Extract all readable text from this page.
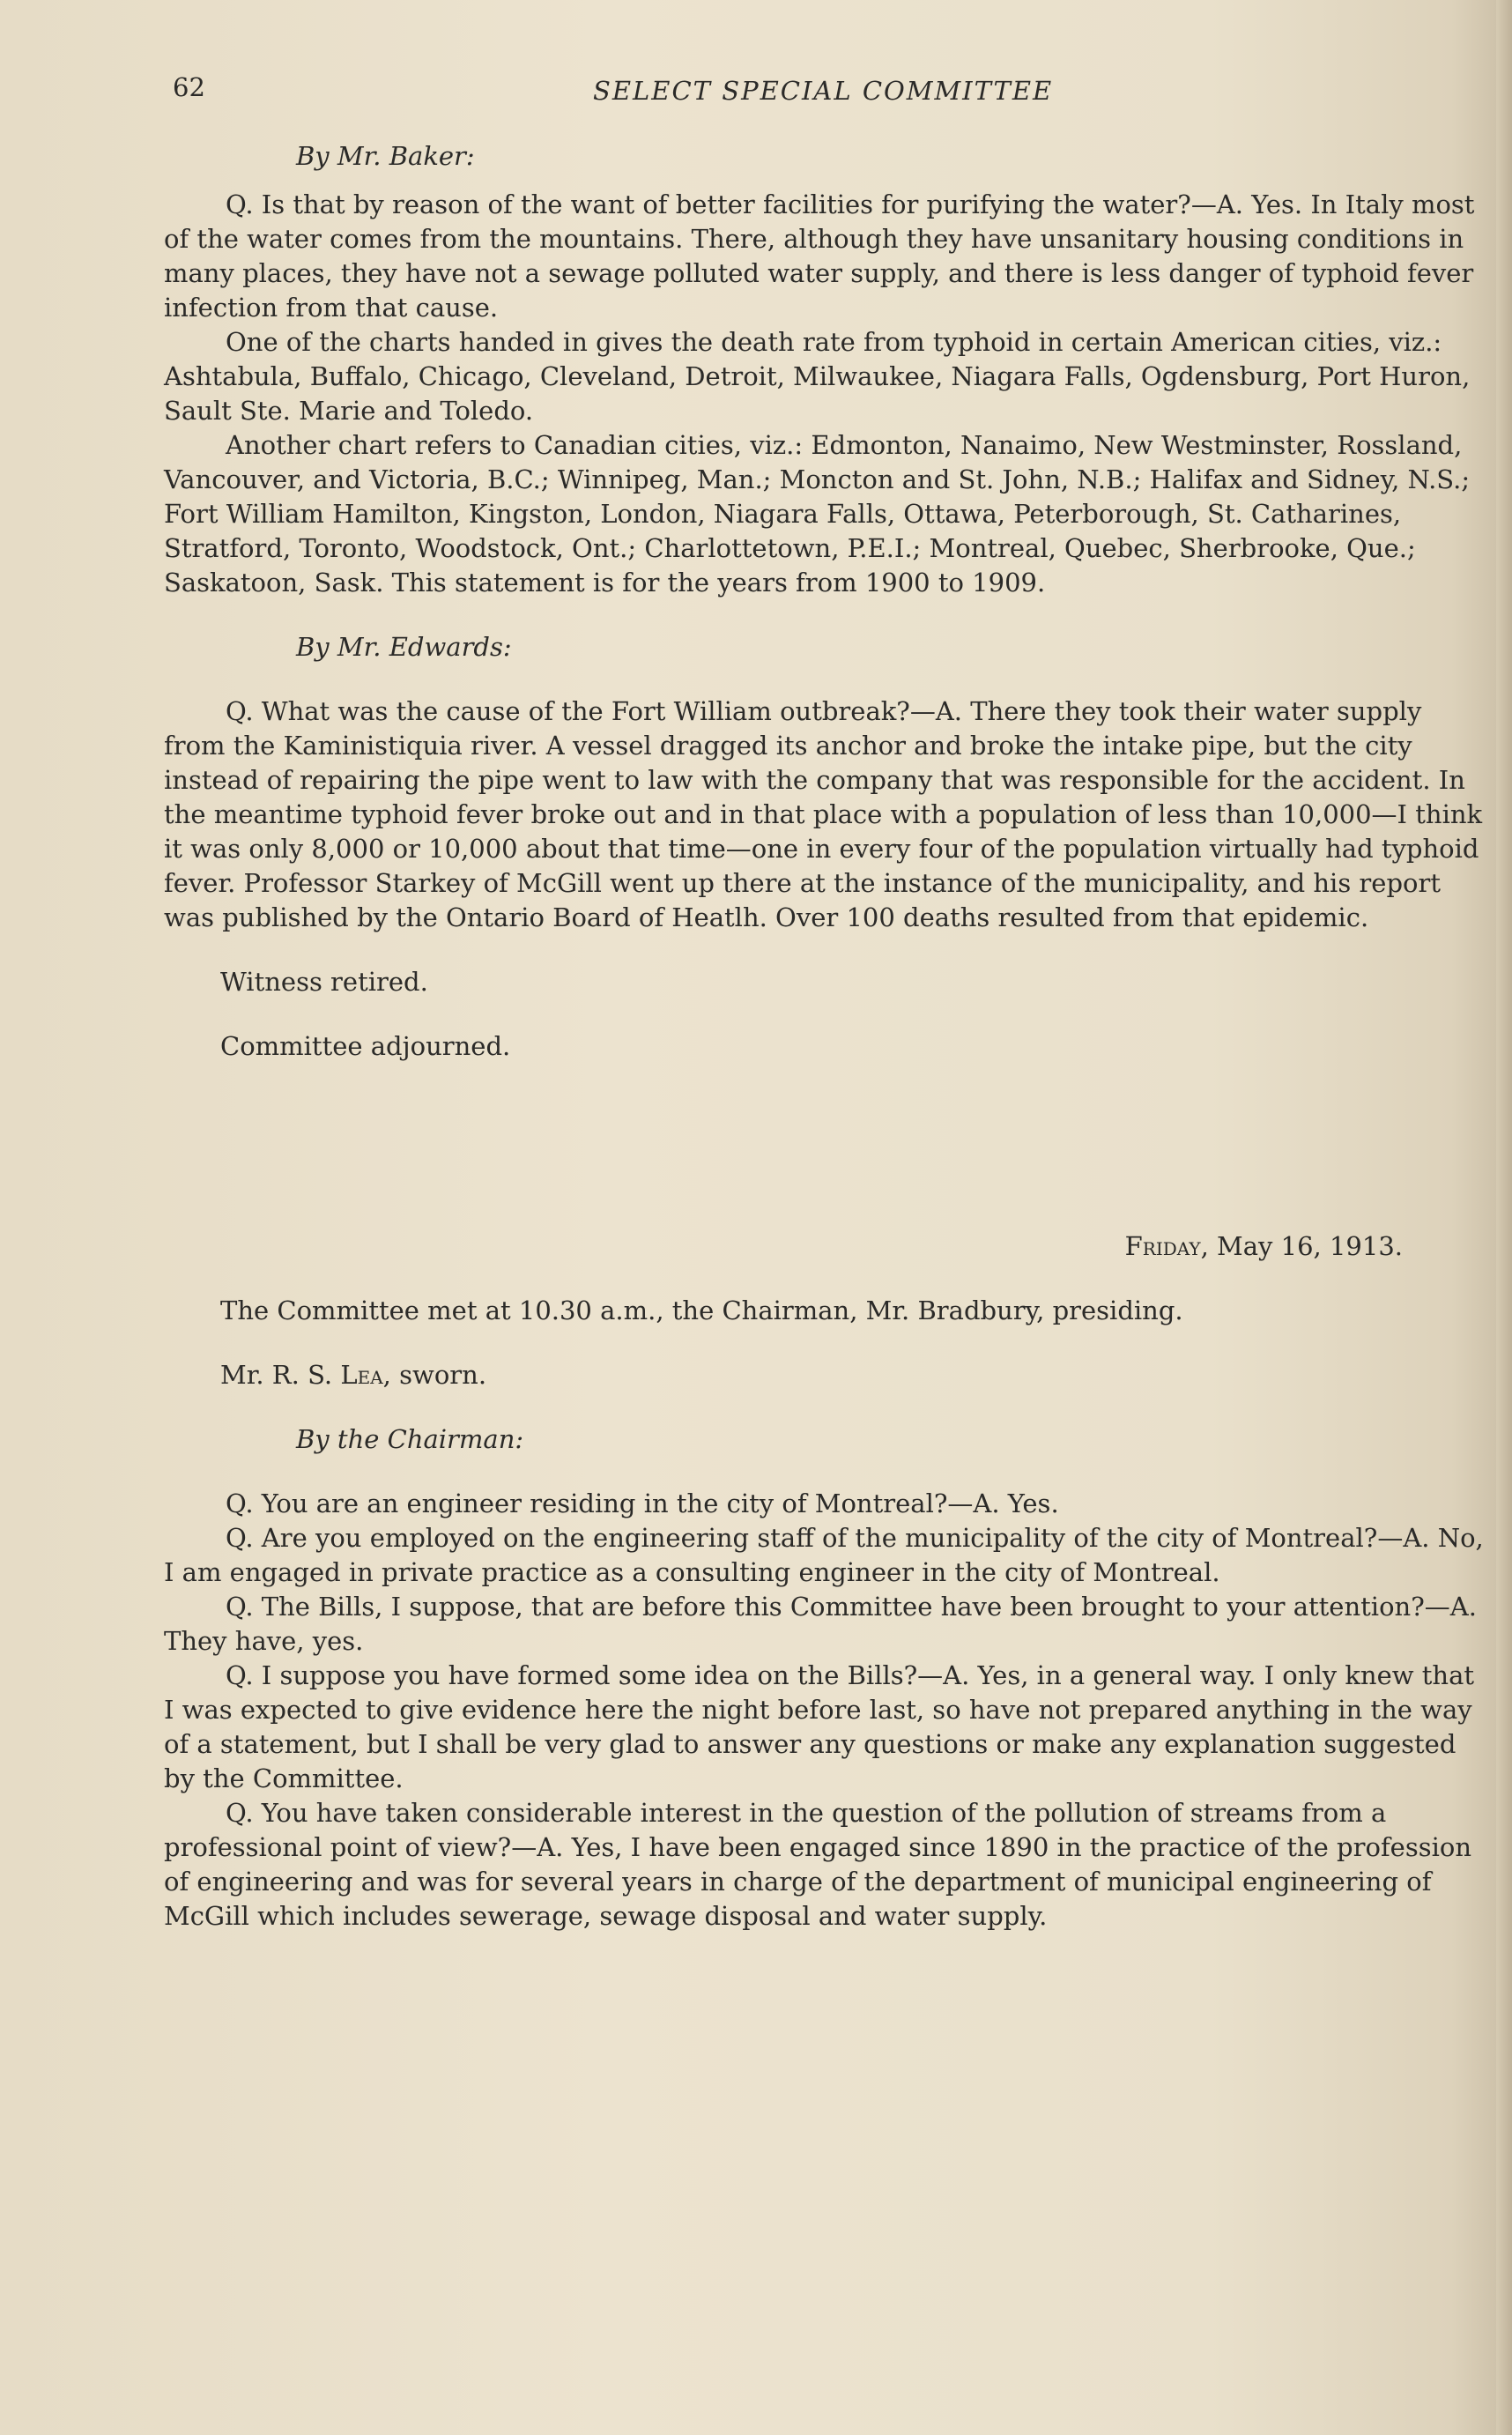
62	SELECT SPECIAL COMMITTEE
By Mr. Baker:

Q. Is that by reason of the want of better facilities for purifying the water?—A. Yes. In Italy most of the water comes from the mountains. There, although they have unsanitary housing conditions in many places, they have not a sewage polluted water supply, and there is less danger of typhoid fever infection from that cause.

One of the charts handed in gives the death rate from typhoid in certain American cities, viz.: Ashtabula, Buffalo, Chicago, Cleveland, Detroit, Milwaukee, Niagara Falls, Ogdensburg, Port Huron, Sault Ste. Marie and Toledo.

Another chart refers to Canadian cities, viz.: Edmonton, Nanaimo, New Westminster, Rossland, Vancouver, and Victoria, B.C.; Winnipeg, Man.; Moncton and St. John, N.B.; Halifax and Sidney, N.S.; Fort William Hamilton, Kingston, London, Niagara Falls, Ottawa, Peterborough, St. Catharines, Stratford, Toronto, Woodstock, Ont.; Charlottetown, P.E.I.; Montreal, Quebec, Sherbrooke, Que.; Saskatoon, Sask. This statement is for the years from 1900 to 1909.

By Mr. Edwards:

Q. What was the cause of the Fort William outbreak?—A. There they took their water supply from the Kaministiquia river. A vessel dragged its anchor and broke the intake pipe, but the city instead of repairing the pipe went to law with the company that was responsible for the accident. In the meantime typhoid fever broke out and in that place with a population of less than 10,000—I think it was only 8,000 or 10,000 about that time—one in every four of the population virtually had typhoid fever. Professor Starkey of McGill went up there at the instance of the municipality, and his report was published by the Ontario Board of Heatlh. Over 100 deaths resulted from that epidemic.

Witness retired.
Committee adjourned.
Friday, May 16, 1913.
The Committee met at 10.30 a.m., the Chairman, Mr. Bradbury, presiding.
Mr. R. S. Lea, sworn.
By the Chairman:

Q. You are an engineer residing in the city of Montreal?—A. Yes.

Q. Are you employed on the engineering staff of the municipality of the city of Montreal?—A. No, I am engaged in private practice as a consulting engineer in the city of Montreal.

Q. The Bills, I suppose, that are before this Committee have been brought to your attention?—A. They have, yes.

Q. I suppose you have formed some idea on the Bills?—A. Yes, in a general way. I only knew that I was expected to give evidence here the night before last, so have not prepared anything in the way of a statement, but I shall be very glad to answer any questions or make any explanation suggested by the Committee.

Q. You have taken considerable interest in the question of the pollution of streams from a professional point of view?—A. Yes, I have been engaged since 1890 in the practice of the profession of engineering and was for several years in charge of the department of municipal engineering of McGill which includes sewerage, sewage disposal and water supply.
